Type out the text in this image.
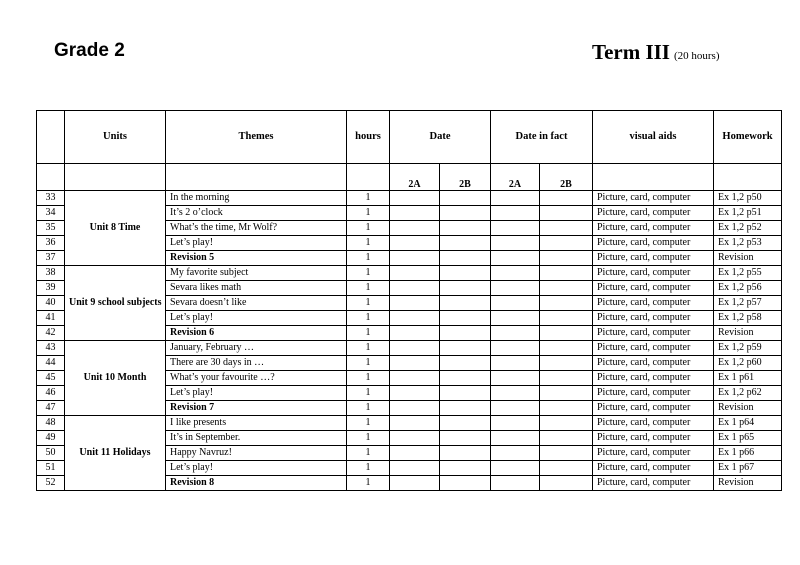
Grade 2	Term III (20 hours)
	Units	Themes	hours	Date		Date in fact		visual aids	Homework
				2A	2B	2A	2B		
33	Unit 8 Time	In the morning	1					Picture, card, computer	Ex 1,2 p50
34		It’s 2 o’clock	1					Picture, card, computer	Ex 1,2 p51
35		What’s the time, Mr Wolf?	1					Picture, card, computer	Ex 1,2 p52
36		Let’s play!	1					Picture, card, computer	Ex 1,2 p53
37		Revision 5	1					Picture, card, computer	Revision
38	Unit 9 school subjects	My favorite subject	1					Picture, card, computer	Ex 1,2 p55
39		Sevara likes math	1					Picture, card, computer	Ex 1,2 p56
40		Sevara doesn’t like	1					Picture, card, computer	Ex 1,2 p57
41		Let’s play!	1					Picture, card, computer	Ex 1,2 p58
42		Revision 6	1					Picture, card, computer	Revision
43	Unit 10 Month	January, February …	1					Picture, card, computer	Ex 1,2 p59
44		There are 30 days in …	1					Picture, card, computer	Ex 1,2 p60
45		What’s your favourite …?	1					Picture, card, computer	Ex 1 p61
46		Let’s play!	1					Picture, card, computer	Ex 1,2 p62
47		Revision 7	1					Picture, card, computer	Revision
48	Unit 11 Holidays	I like presents	1					Picture, card, computer	Ex 1 p64
49		It’s in September.	1					Picture, card, computer	Ex 1 p65
50		Happy Navruz!	1					Picture, card, computer	Ex 1 p66
51		Let’s play!	1					Picture, card, computer	Ex 1 p67
52		Revision 8	1					Picture, card, computer	Revision
